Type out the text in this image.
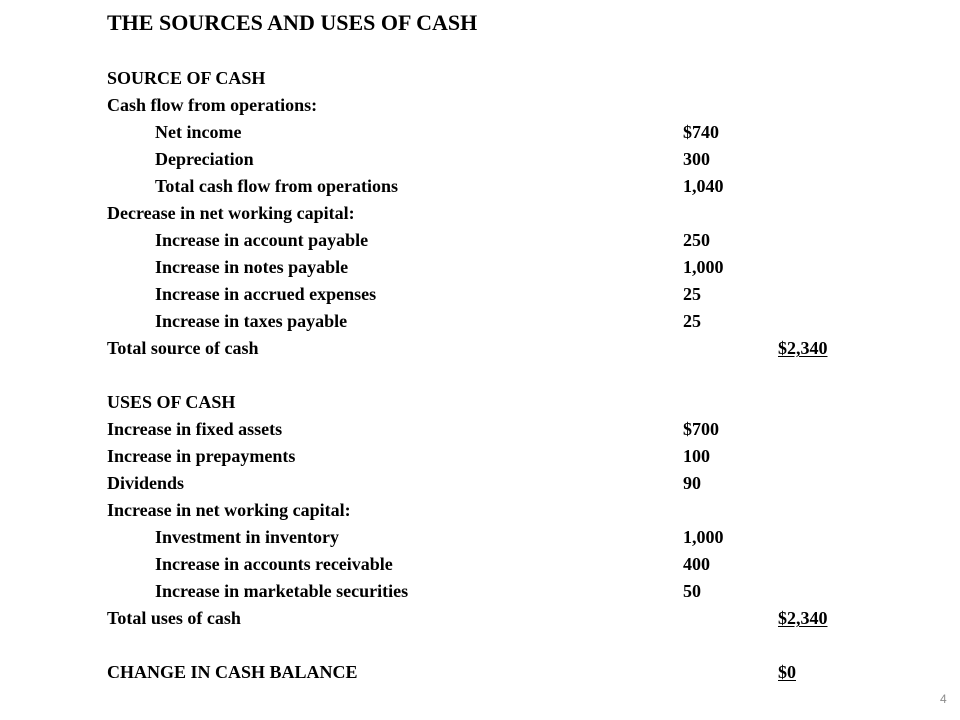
THE SOURCES AND USES OF CASH
SOURCE OF CASH
Cash flow from operations:
Net income	$740
Depreciation	300
Total cash flow from operations	1,040
Decrease in net working capital:
Increase in account payable	250
Increase in notes payable	1,000
Increase in accrued expenses	25
Increase in taxes payable	25
Total source of cash	$2,340
USES OF CASH
Increase in fixed assets	$700
Increase in prepayments	100
Dividends	90
Increase in net working capital:
Investment in inventory	1,000
Increase in accounts receivable	400
Increase in marketable securities	50
Total uses of cash	$2,340
CHANGE IN CASH BALANCE	$0
4
